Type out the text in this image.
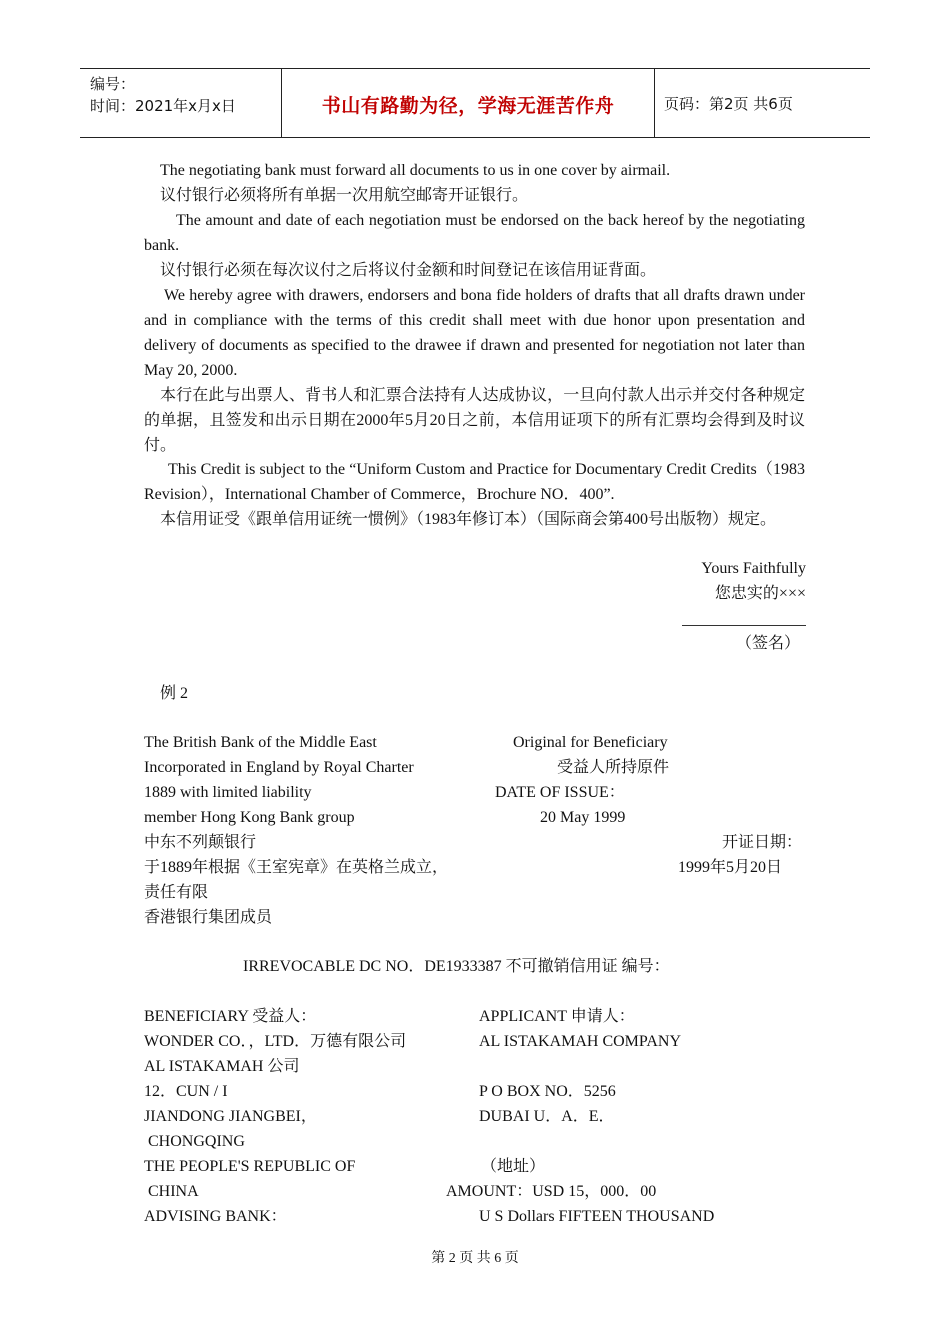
编号：
时间：2021年x月x日	书山有路勤为径，学海无涯苦作舟	页码：第2页 共6页
The negotiating bank must forward all documents to us in one cover by airmail.
议付银行必须将所有单据一次用航空邮寄开证银行。
The amount and date of each negotiation must be endorsed on the back hereof by the negotiating bank.
议付银行必须在每次议付之后将议付金额和时间登记在该信用证背面。
We hereby agree with drawers, endorsers and bona fide holders of drafts that all drafts drawn under and in compliance with the terms of this credit shall meet with due honor upon presentation and delivery of documents as specified to the drawee if drawn and presented for negotiation not later than May 20, 2000.
本行在此与出票人、背书人和汇票合法持有人达成协议，一旦向付款人出示并交付各种规定的单据，且签发和出示日期在2000年5月20日之前，本信用证项下的所有汇票均会得到及时议付。
This Credit is subject to the “Uniform Custom and Practice for Documentary Credit Credits（1983 Revision），International Chamber of Commerce，Brochure NO．400”.
本信用证受《跟单信用证统一惯例》（1983年修订本）（国际商会第400号出版物）规定。
Yours Faithfully
您忠实的×××
（签名）
例 2
The British Bank of the Middle East
Incorporated in England by Royal Charter
1889 with limited liability
member Hong Kong Bank group
中东不列颠银行
于1889年根据《王室宪章》在英格兰成立，
责任有限
香港银行集团成员
Original for Beneficiary
受益人所持原件
DATE OF ISSUE：
20 May 1999
开证日期：
1999年5月20日
IRREVOCABLE DC NO．DE1933387 不可撤销信用证 编号：
BENEFICIARY 受益人：
WONDER CO．，LTD．万德有限公司
AL ISTAKAMAH 公司
12．CUN / I
JIANDONG JIANGBEI，
CHONGQING
THE PEOPLE'S REPUBLIC OF
CHINA
ADVISING BANK：
APPLICANT 申请人：
AL ISTAKAMAH COMPANY
P O BOX NO．5256
DUBAI U．A．E．
（地址）
AMOUNT：USD 15，000．00
U S Dollars FIFTEEN THOUSAND
第 2 页 共 6 页
